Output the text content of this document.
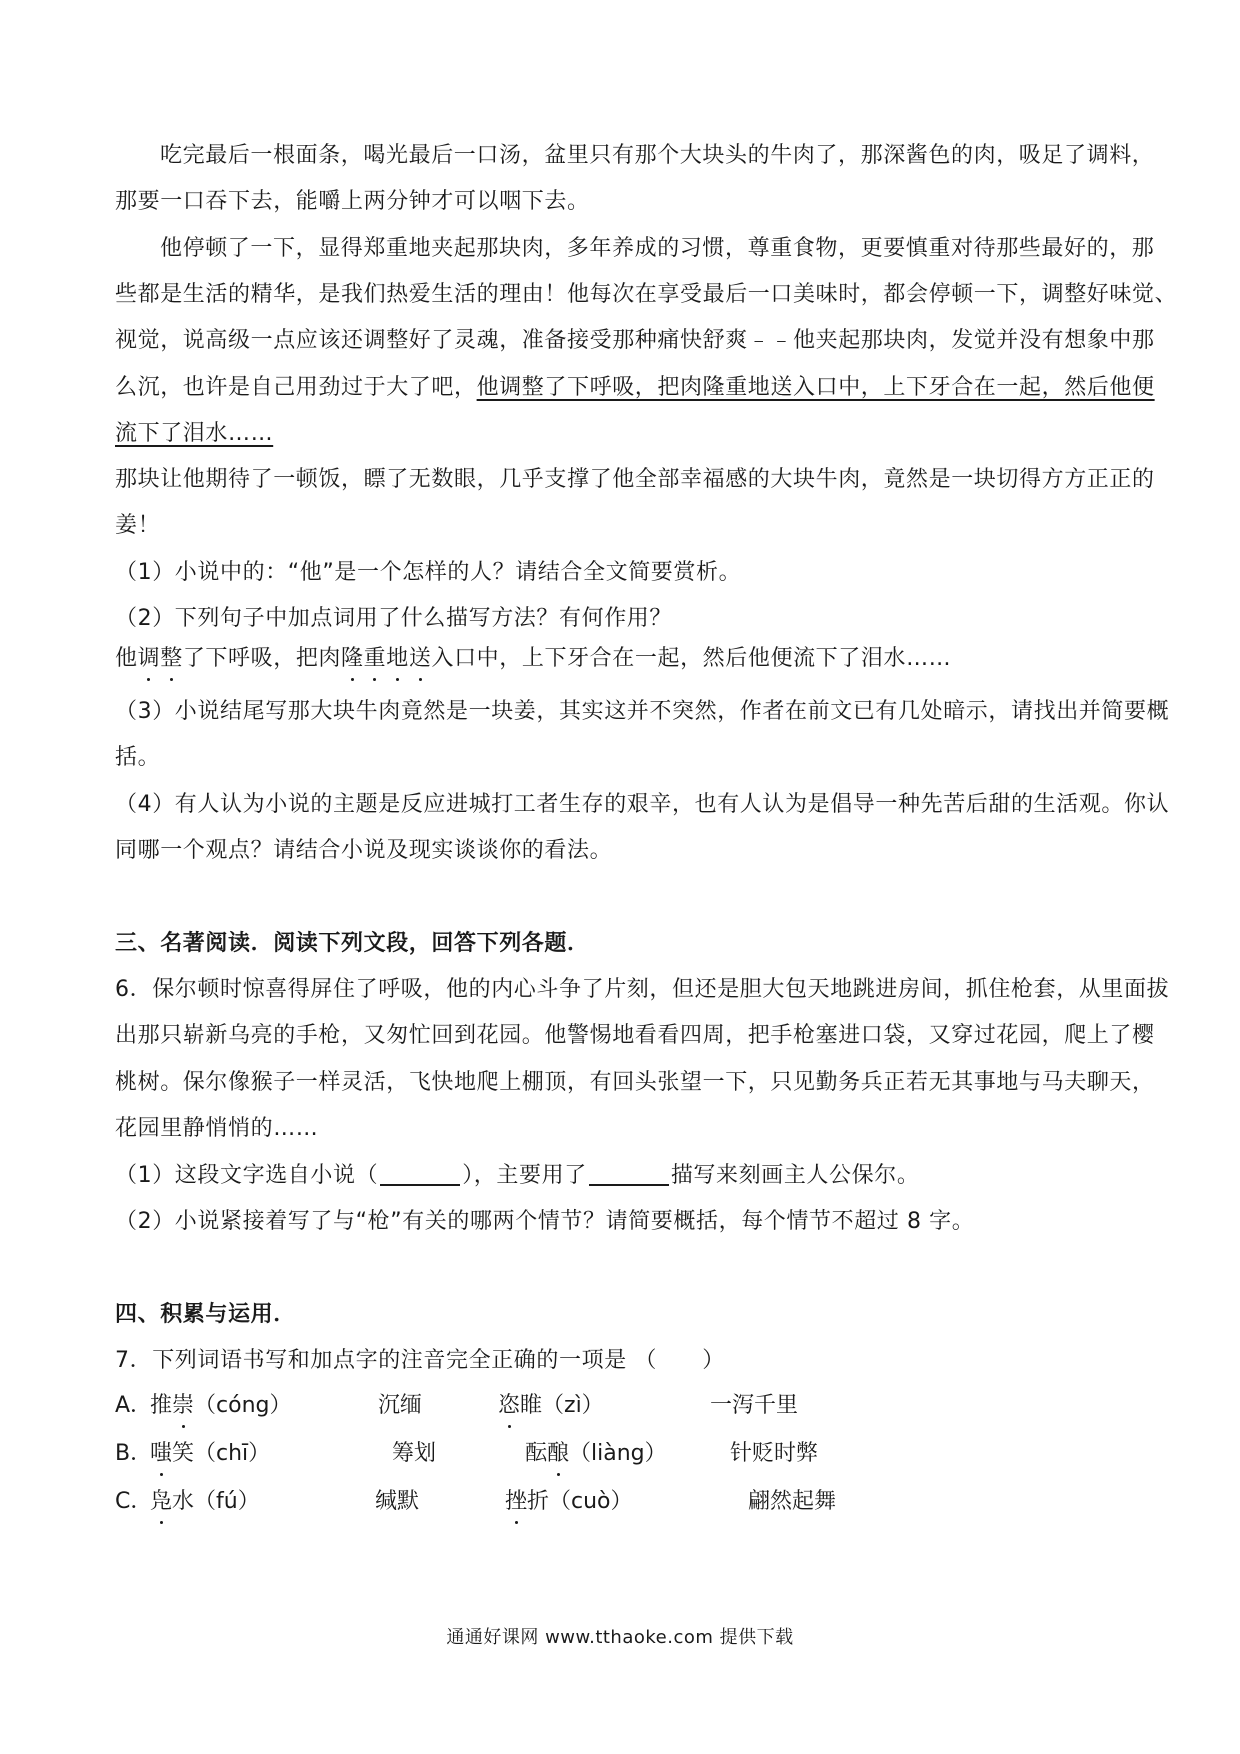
吃完最后一根面条，喝光最后一口汤，盆里只有那个大块头的牛肉了，那深酱色的肉，吸足了调料，
那要一口吞下去，能嚼上两分钟才可以咽下去。
他停顿了一下，显得郑重地夹起那块肉，多年养成的习惯，尊重食物，更要慎重对待那些最好的，那
些都是生活的精华，是我们热爱生活的理由！他每次在享受最后一口美味时，都会停顿一下，调整好味觉、
视觉，说高级一点应该还调整好了灵魂，准备接受那种痛快舒爽﹣﹣他夹起那块肉，发觉并没有想象中那
么沉，也许是自己用劲过于大了吧，他调整了下呼吸，把肉隆重地送入口中，上下牙合在一起，然后他便
流下了泪水……
那块让他期待了一顿饭，瞟了无数眼，几乎支撑了他全部幸福感的大块牛肉，竟然是一块切得方方正正的
姜！
（1）小说中的：“他”是一个怎样的人？请结合全文简要赏析。
（2）下列句子中加点词用了什么描写方法？有何作用？
他调整了下呼吸，把肉隆重地送入口中，上下牙合在一起，然后他便流下了泪水……
（3）小说结尾写那大块牛肉竟然是一块姜，其实这并不突然，作者在前文已有几处暗示，请找出并简要概
括。
（4）有人认为小说的主题是反应进城打工者生存的艰辛，也有人认为是倡导一种先苦后甜的生活观。你认
同哪一个观点？请结合小说及现实谈谈你的看法。
三、名著阅读．阅读下列文段，回答下列各题．
6．保尔顿时惊喜得屏住了呼吸，他的内心斗争了片刻，但还是胆大包天地跳进房间，抓住枪套，从里面拔
出那只崭新乌亮的手枪，又匆忙回到花园。他警惕地看看四周，把手枪塞进口袋，又穿过花园，爬上了樱
桃树。保尔像猴子一样灵活，飞快地爬上棚顶，有回头张望一下，只见勤务兵正若无其事地与马夫聊天，
花园里静悄悄的……
（1）这段文字选自小说（	），主要用了	描写来刻画主人公保尔。
（2）小说紧接着写了与“枪”有关的哪两个情节？请简要概括，每个情节不超过 8 字。
四、积累与运用．
7．下列词语书写和加点字的注音完全正确的一项是 （　　）
A．
推崇（cóng）	沉缅	恣睢（zì）	一泻千里
B．
嗤笑（chī）	筹划	酝酿（liàng）	针贬时弊
C．
凫水（fú）	缄默	挫折（cuò）	翩然起舞
通通好课网 www.tthaoke.com 提供下载
